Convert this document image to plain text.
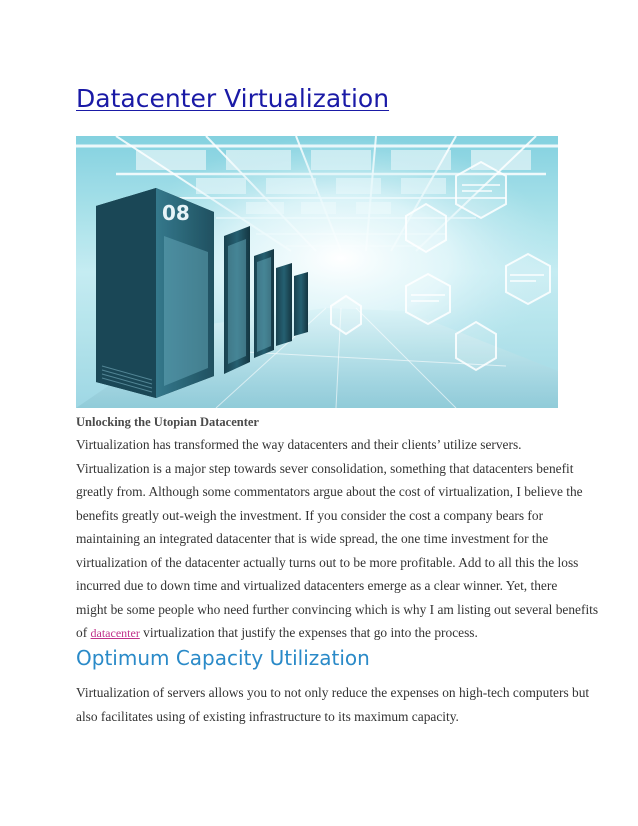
Datacenter Virtualization
08

Unlocking the Utopian Datacenter

Virtualization has transformed the way datacenters and their clients’ utilize servers.
Virtualization is a major step towards sever consolidation, something that datacenters benefit
greatly from. Although some commentators argue about the cost of virtualization, I believe the
benefits greatly out-weigh the investment. If you consider the cost a company bears for
maintaining an integrated datacenter that is wide spread, the one time investment for the
virtualization of the datacenter actually turns out to be more profitable. Add to all this the loss
incurred due to down time and virtualized datacenters emerge as a clear winner. Yet, there
might be some people who need further convincing which is why I am listing out several benefits
of datacenter virtualization that justify the expenses that go into the process.
Optimum Capacity Utilization
Virtualization of servers allows you to not only reduce the expenses on high-tech computers but
also facilitates using of existing infrastructure to its maximum capacity.
